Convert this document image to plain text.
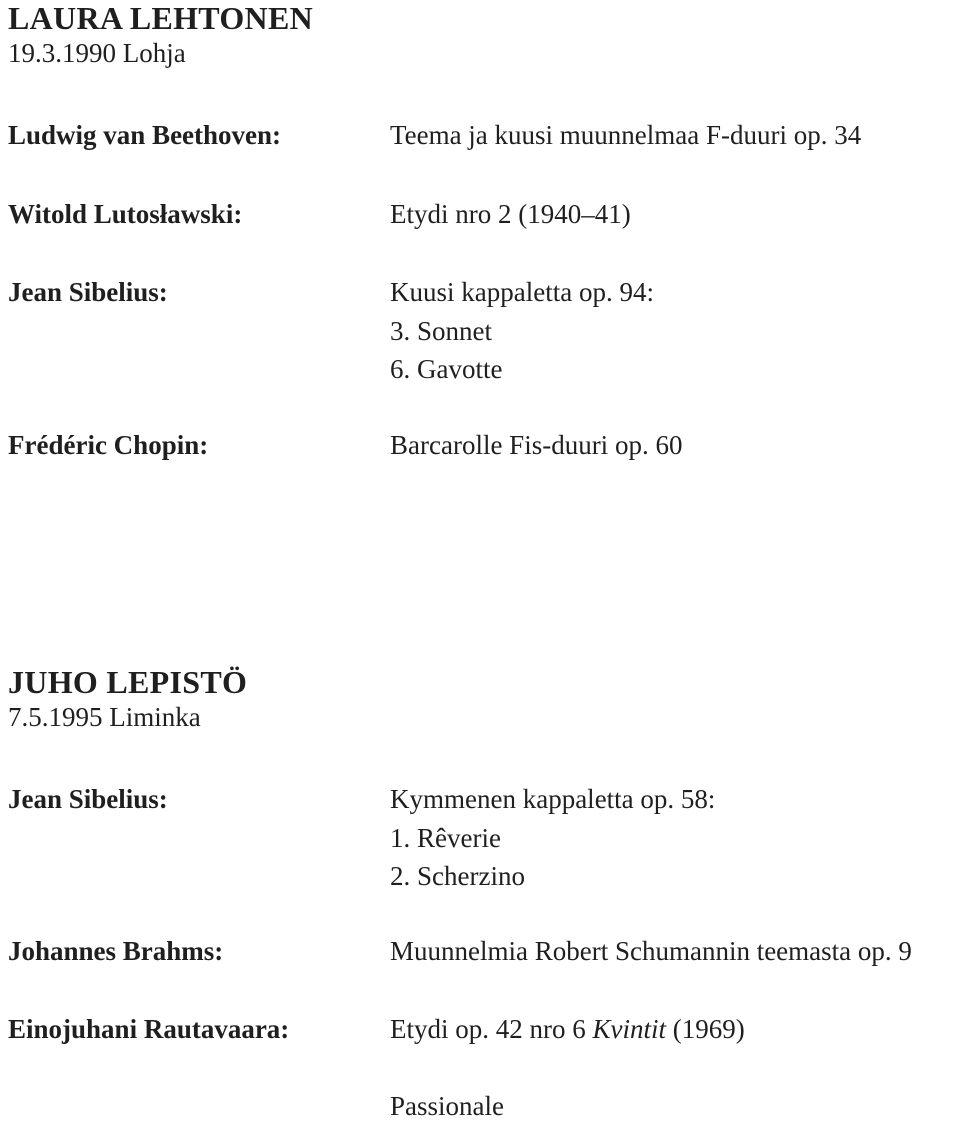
LAURA LEHTONEN
19.3.1990 Lohja
Ludwig van Beethoven:	Teema ja kuusi muunnelmaa F-duuri op. 34
Witold Lutosławski:	Etydi nro 2 (1940–41)
Jean Sibelius:	Kuusi kappaletta op. 94:
3. Sonnet
6. Gavotte
Frédéric Chopin:	Barcarolle Fis-duuri op. 60
JUHO LEPISTÖ
7.5.1995 Liminka
Jean Sibelius:	Kymmenen kappaletta op. 58:
1. Rêverie
2. Scherzino
Johannes Brahms:	Muunnelmia Robert Schumannin teemasta op. 9
Einojuhani Rautavaara:	Etydi op. 42 nro 6 Kvintit (1969)

Passionale
